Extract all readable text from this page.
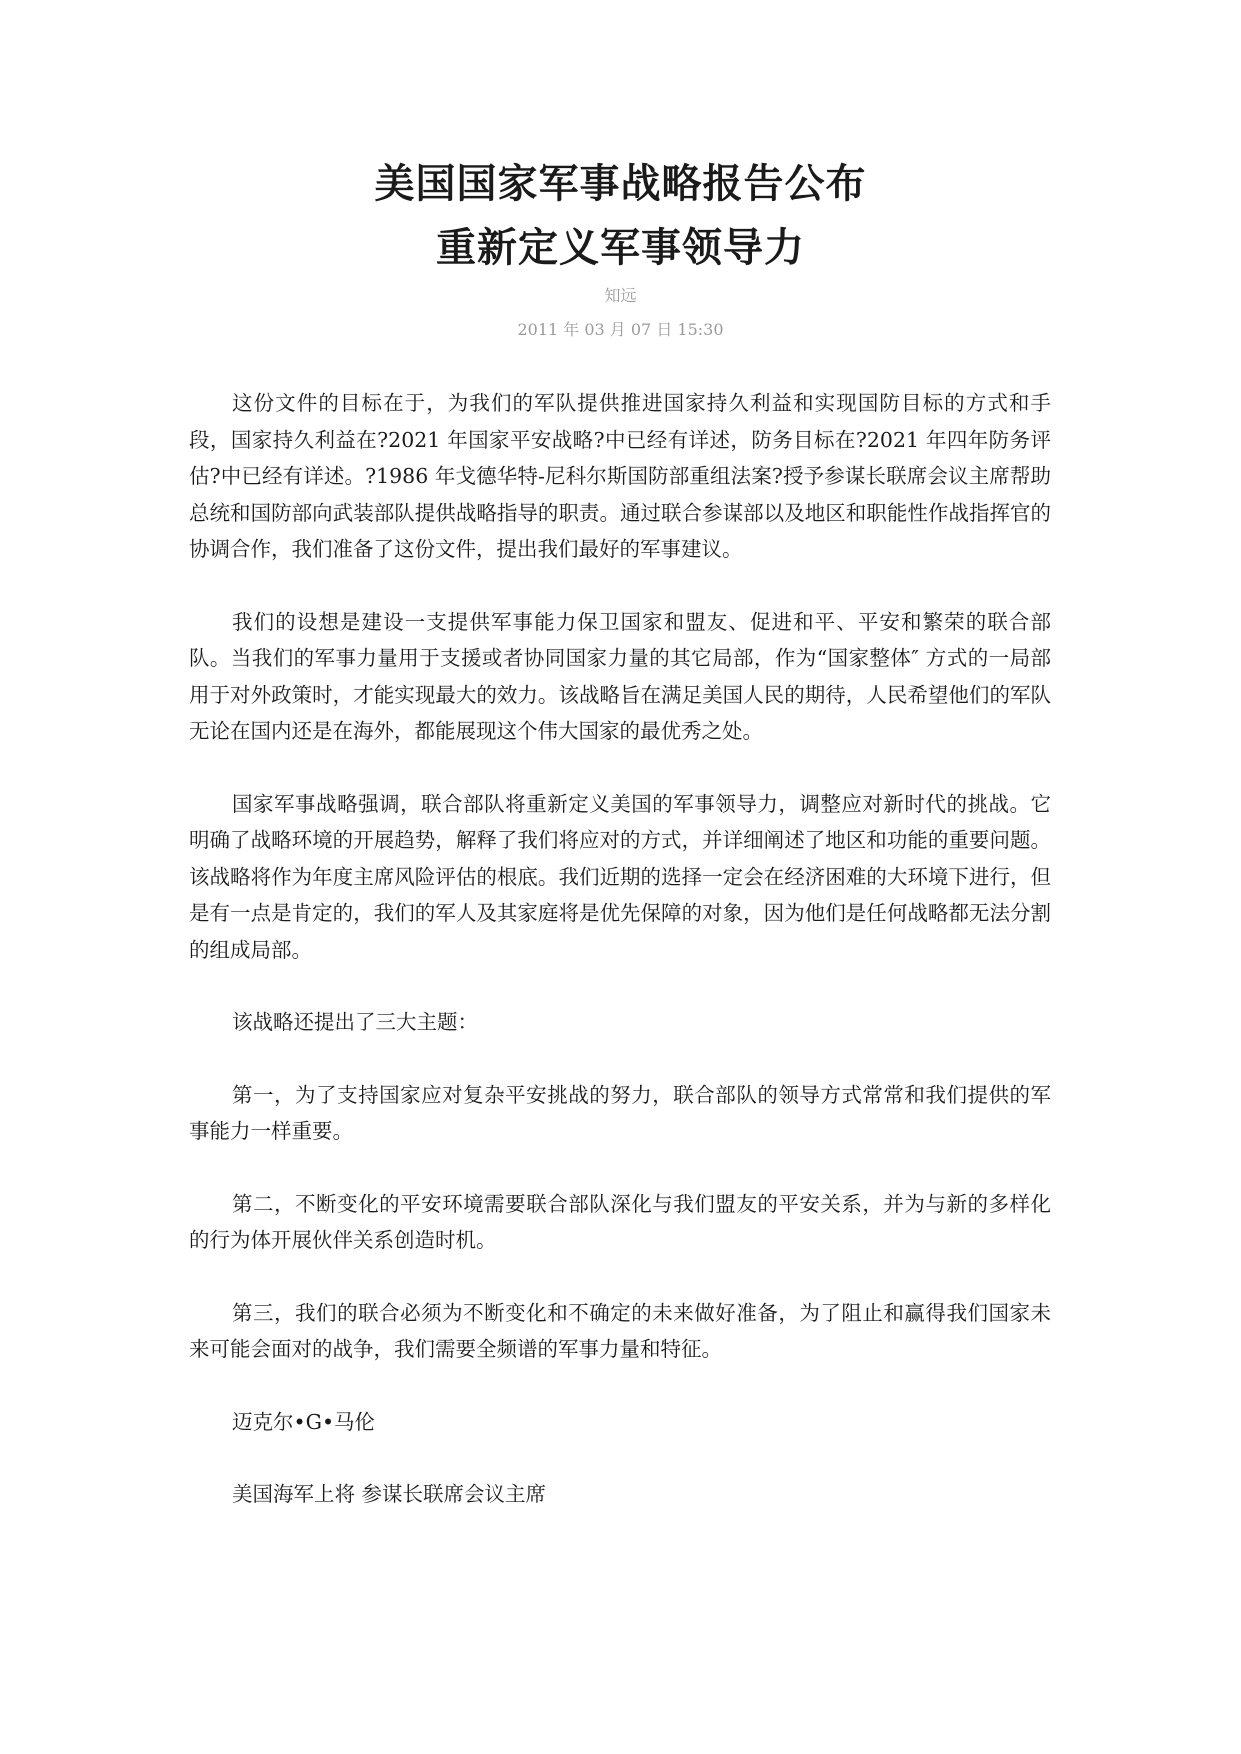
美国国家军事战略报告公布
重新定义军事领导力
知远
2011 年 03 月 07 日 15:30

这份文件的目标在于，为我们的军队提供推进国家持久利益和实现国防目标的方式和手段，国家持久利益在?2021 年国家平安战略?中已经有详述，防务目标在?2021 年四年防务评估?中已经有详述。?1986 年戈德华特-尼科尔斯国防部重组法案?授予参谋长联席会议主席帮助总统和国防部向武装部队提供战略指导的职责。通过联合参谋部以及地区和职能性作战指挥官的协调合作，我们准备了这份文件，提出我们最好的军事建议。

我们的设想是建设一支提供军事能力保卫国家和盟友、促进和平、平安和繁荣的联合部队。当我们的军事力量用于支援或者协同国家力量的其它局部，作为“国家整体″ 方式的一局部用于对外政策时，才能实现最大的效力。该战略旨在满足美国人民的期待，人民希望他们的军队无论在国内还是在海外，都能展现这个伟大国家的最优秀之处。

国家军事战略强调，联合部队将重新定义美国的军事领导力，调整应对新时代的挑战。它明确了战略环境的开展趋势，解释了我们将应对的方式，并详细阐述了地区和功能的重要问题。该战略将作为年度主席风险评估的根底。我们近期的选择一定会在经济困难的大环境下进行，但是有一点是肯定的，我们的军人及其家庭将是优先保障的对象，因为他们是任何战略都无法分割的组成局部。

该战略还提出了三大主题：

第一，为了支持国家应对复杂平安挑战的努力，联合部队的领导方式常常和我们提供的军事能力一样重要。

第二，不断变化的平安环境需要联合部队深化与我们盟友的平安关系，并为与新的多样化的行为体开展伙伴关系创造时机。

第三，我们的联合必须为不断变化和不确定的未来做好准备，为了阻止和赢得我们国家未来可能会面对的战争，我们需要全频谱的军事力量和特征。

迈克尔•G•马伦

美国海军上将 参谋长联席会议主席
